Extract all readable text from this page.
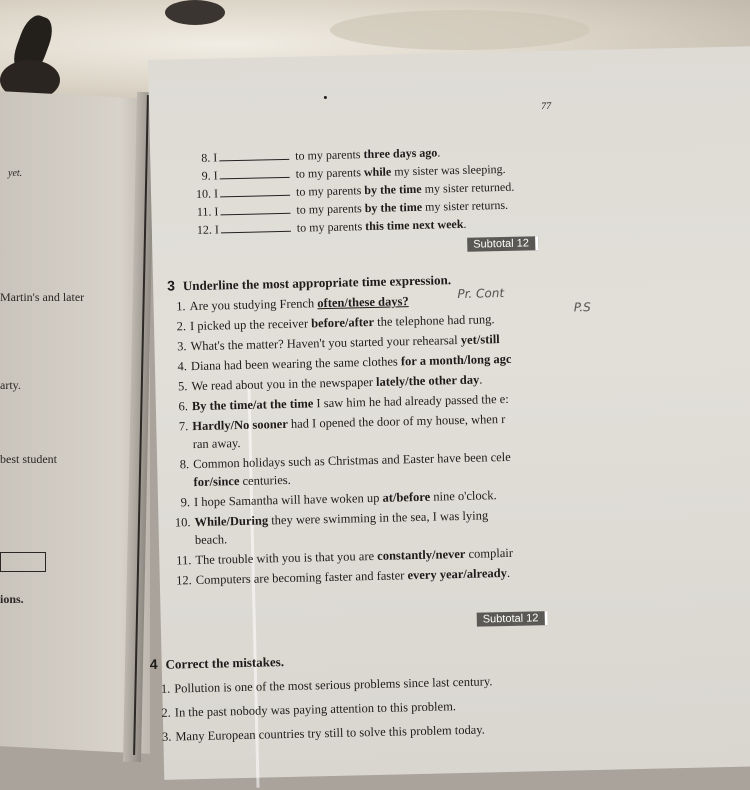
yet.
Martin's and later
arty.
best student
ions.
77
8. I	to my parents three days ago.
9. I	to my parents while my sister was sleeping.
10. I	to my parents by the time my sister returned.
11. I	to my parents by the time my sister returns.
12. I	to my parents this time next week.
Subtotal 12
3 Underline the most appropriate time expression.
Pr. Cont
P.S
1. Are you studying French often/these days?
2. I picked up the receiver before/after the telephone had rung.
3. What's the matter? Haven't you started your rehearsal yet/still
4. Diana had been wearing the same clothes for a month/long agc
5. We read about you in the newspaper lately/the other day.
6. By the time/at the time I saw him he had already passed the e:
7. Hardly/No sooner had I opened the door of my house, when r
ran away.
8. Common holidays such as Christmas and Easter have been cele
for/since centuries.
9. I hope Samantha will have woken up at/before nine o'clock.
10. While/During they were swimming in the sea, I was lying
beach.
11. The trouble with you is that you are constantly/never complair
12. Computers are becoming faster and faster every year/already.
Subtotal 12
4 Correct the mistakes.
1. Pollution is one of the most serious problems since last century.
2. In the past nobody was paying attention to this problem.
3. Many European countries try still to solve this problem today.
